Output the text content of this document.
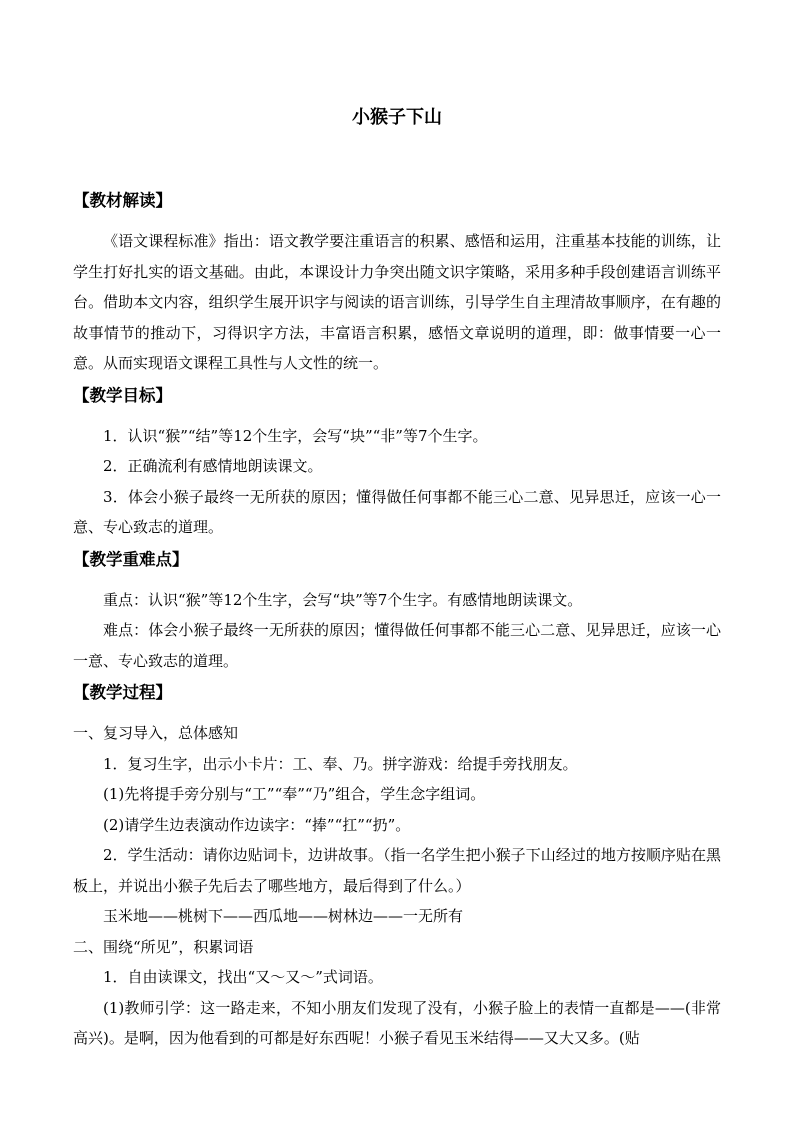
小猴子下山
【教材解读】

《语文课程标准》指出：语文教学要注重语言的积累、感悟和运用，注重基本技能的训练，让学生打好扎实的语文基础。由此，本课设计力争突出随文识字策略，采用多种手段创建语言训练平台。借助本文内容，组织学生展开识字与阅读的语言训练，引导学生自主理清故事顺序，在有趣的故事情节的推动下，习得识字方法，丰富语言积累，感悟文章说明的道理，即：做事情要一心一意。从而实现语文课程工具性与人文性的统一。

【教学目标】

1．认识“猴”“结”等12个生字，会写“块”“非”等7个生字。

2．正确流利有感情地朗读课文。

3．体会小猴子最终一无所获的原因；懂得做任何事都不能三心二意、见异思迁，应该一心一意、专心致志的道理。

【教学重难点】

重点：认识“猴”等12个生字，会写“块”等7个生字。有感情地朗读课文。

难点：体会小猴子最终一无所获的原因；懂得做任何事都不能三心二意、见异思迁，应该一心一意、专心致志的道理。

【教学过程】

一、复习导入，总体感知

1．复习生字，出示小卡片：工、奉、乃。拼字游戏：给提手旁找朋友。

(1)先将提手旁分别与“工”“奉”“乃”组合，学生念字组词。

(2)请学生边表演动作边读字：“捧”“扛”“扔”。

2．学生活动：请你边贴词卡，边讲故事。（指一名学生把小猴子下山经过的地方按顺序贴在黑板上，并说出小猴子先后去了哪些地方，最后得到了什么。）

玉米地——桃树下——西瓜地——树林边——一无所有

二、围绕“所见”，积累词语

1．自由读课文，找出“又～又～”式词语。

(1)教师引学：这一路走来，不知小朋友们发现了没有，小猴子脸上的表情一直都是——(非常高兴)。是啊，因为他看到的可都是好东西呢！小猴子看见玉米结得——又大又多。(贴
